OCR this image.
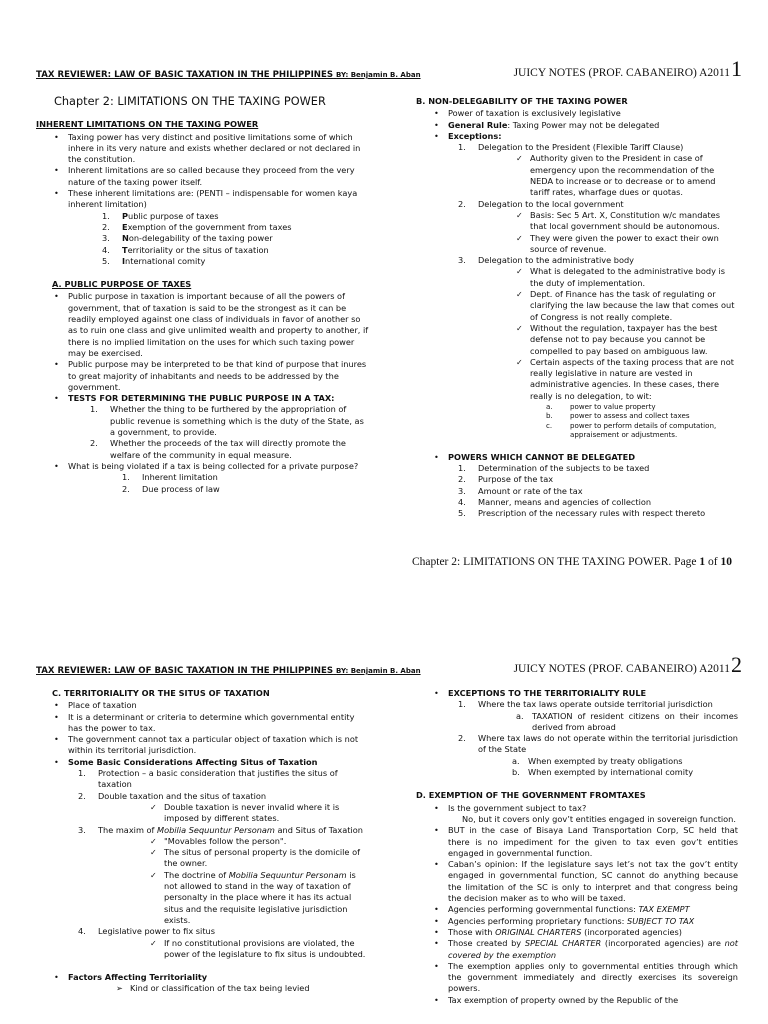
TAX REVIEWER: LAW OF BASIC TAXATION IN THE PHILIPPINES BY: Benjamin B. Aban	JUICY NOTES (PROF. CABANEIRO) A20111
Chapter 2: LIMITATIONS ON THE TAXING POWER
INHERENT LIMITATIONS ON THE TAXING POWER
• Taxing power has very distinct and positive limitations some of which inhere in its very nature and exists whether declared or not declared in the constitution.
• Inherent limitations are so called because they proceed from the very nature of the taxing power itself.
• These inherent limitations are: (PENTI – indispensable for women kaya inherent limitation)
1. Public purpose of taxes
2. Exemption of the government from taxes
3. Non-delegability of the taxing power
4. Territoriality or the situs of taxation
5. International comity
A. PUBLIC PURPOSE OF TAXES
• Public purpose in taxation is important because of all the powers of government, that of taxation is said to be the strongest as it can be readily employed against one class of individuals in favor of another so as to ruin one class and give unlimited wealth and property to another, if there is no implied limitation on the uses for which such taxing power may be exercised.
• Public purpose may be interpreted to be that kind of purpose that inures to great majority of inhabitants and needs to be addressed by the government.
• TESTS FOR DETERMINING THE PUBLIC PURPOSE IN A TAX:
1. Whether the thing to be furthered by the appropriation of public revenue is something which is the duty of the State, as a government, to provide.
2. Whether the proceeds of the tax will directly promote the welfare of the community in equal measure.
• What is being violated if a tax is being collected for a private purpose?
1. Inherent limitation
2. Due process of law
B. NON-DELEGABILITY OF THE TAXING POWER
• Power of taxation is exclusively legislative
• General Rule: Taxing Power may not be delegated
• Exceptions:
1. Delegation to the President (Flexible Tariff Clause)
✓ Authority given to the President in case of emergency upon the recommendation of the NEDA to increase or to decrease or to amend tariff rates, wharfage dues or quotas.
2. Delegation to the local government
✓ Basis: Sec 5 Art. X, Constitution w/c mandates that local government should be autonomous.
✓ They were given the power to exact their own source of revenue.
3. Delegation to the administrative body
✓ What is delegated to the administrative body is the duty of implementation.
✓ Dept. of Finance has the task of regulating or clarifying the law because the law that comes out of Congress is not really complete.
✓ Without the regulation, taxpayer has the best defense not to pay because you cannot be compelled to pay based on ambiguous law.
✓ Certain aspects of the taxing process that are not really legislative in nature are vested in administrative agencies. In these cases, there really is no delegation, to wit:
a. power to value property
b. power to assess and collect taxes
c.	power to perform details of computation, appraisement or adjustments.
• POWERS WHICH CANNOT BE DELEGATED
1. Determination of the subjects to be taxed
2. Purpose of the tax
3. Amount or rate of the tax
4. Manner, means and agencies of collection
5. Prescription of the necessary rules with respect thereto
Chapter 2: LIMITATIONS ON THE TAXING POWER. Page 1 of 10
TAX REVIEWER: LAW OF BASIC TAXATION IN THE PHILIPPINES BY: Benjamin B. Aban	JUICY NOTES (PROF. CABANEIRO) A20112
C. TERRITORIALITY OR THE SITUS OF TAXATION
• Place of taxation
• It is a determinant or criteria to determine which governmental entity has the power to tax.
• The government cannot tax a particular object of taxation which is not within its territorial jurisdiction.
• Some Basic Considerations Affecting Situs of Taxation
1. Protection – a basic consideration that justifies the situs of taxation
2. Double taxation and the situs of taxation
✓ Double taxation is never invalid where it is imposed by different states.
3. The maxim of Mobilia Sequuntur Personam and Situs of Taxation
✓ "Movables follow the person".
✓ The situs of personal property is the domicile of the owner.
✓ The doctrine of Mobilia Sequuntur Personam is not allowed to stand in the way of taxation of personalty in the place where it has its actual situs and the requisite legislative jurisdiction exists.
4. Legislative power to fix situs
✓ If no constitutional provisions are violated, the power of the legislature to fix situs is undoubted.
• Factors Affecting Territoriality
➢ Kind or classification of the tax being levied
• EXCEPTIONS TO THE TERRITORIALITY RULE
1. Where the tax laws operate outside territorial jurisdiction
a. TAXATION of resident citizens on their incomes derived from abroad
2. Where tax laws do not operate within the territorial jurisdiction of the State
a. When exempted by treaty obligations
b. When exempted by international comity
D. EXEMPTION OF THE GOVERNMENT FROMTAXES
• Is the government subject to tax?
No, but it covers only gov’t entities engaged in sovereign function.
• BUT in the case of Bisaya Land Transportation Corp, SC held that there is no impediment for the given to tax even gov’t entities engaged in governmental function.
• Caban’s opinion: If the legislature says let’s not tax the gov’t entity engaged in governmental function, SC cannot do anything because the limitation of the SC is only to interpret and that congress being the decision maker as to who will be taxed.
• Agencies performing governmental functions: TAX EXEMPT
• Agencies performing proprietary functions: SUBJECT TO TAX
• Those with ORIGINAL CHARTERS (incorporated agencies)
• Those created by SPECIAL CHARTER (incorporated agencies) are not covered by the exemption
• The exemption applies only to governmental entities through which the government immediately and directly exercises its sovereign powers.
• Tax exemption of property owned by the Republic of the
